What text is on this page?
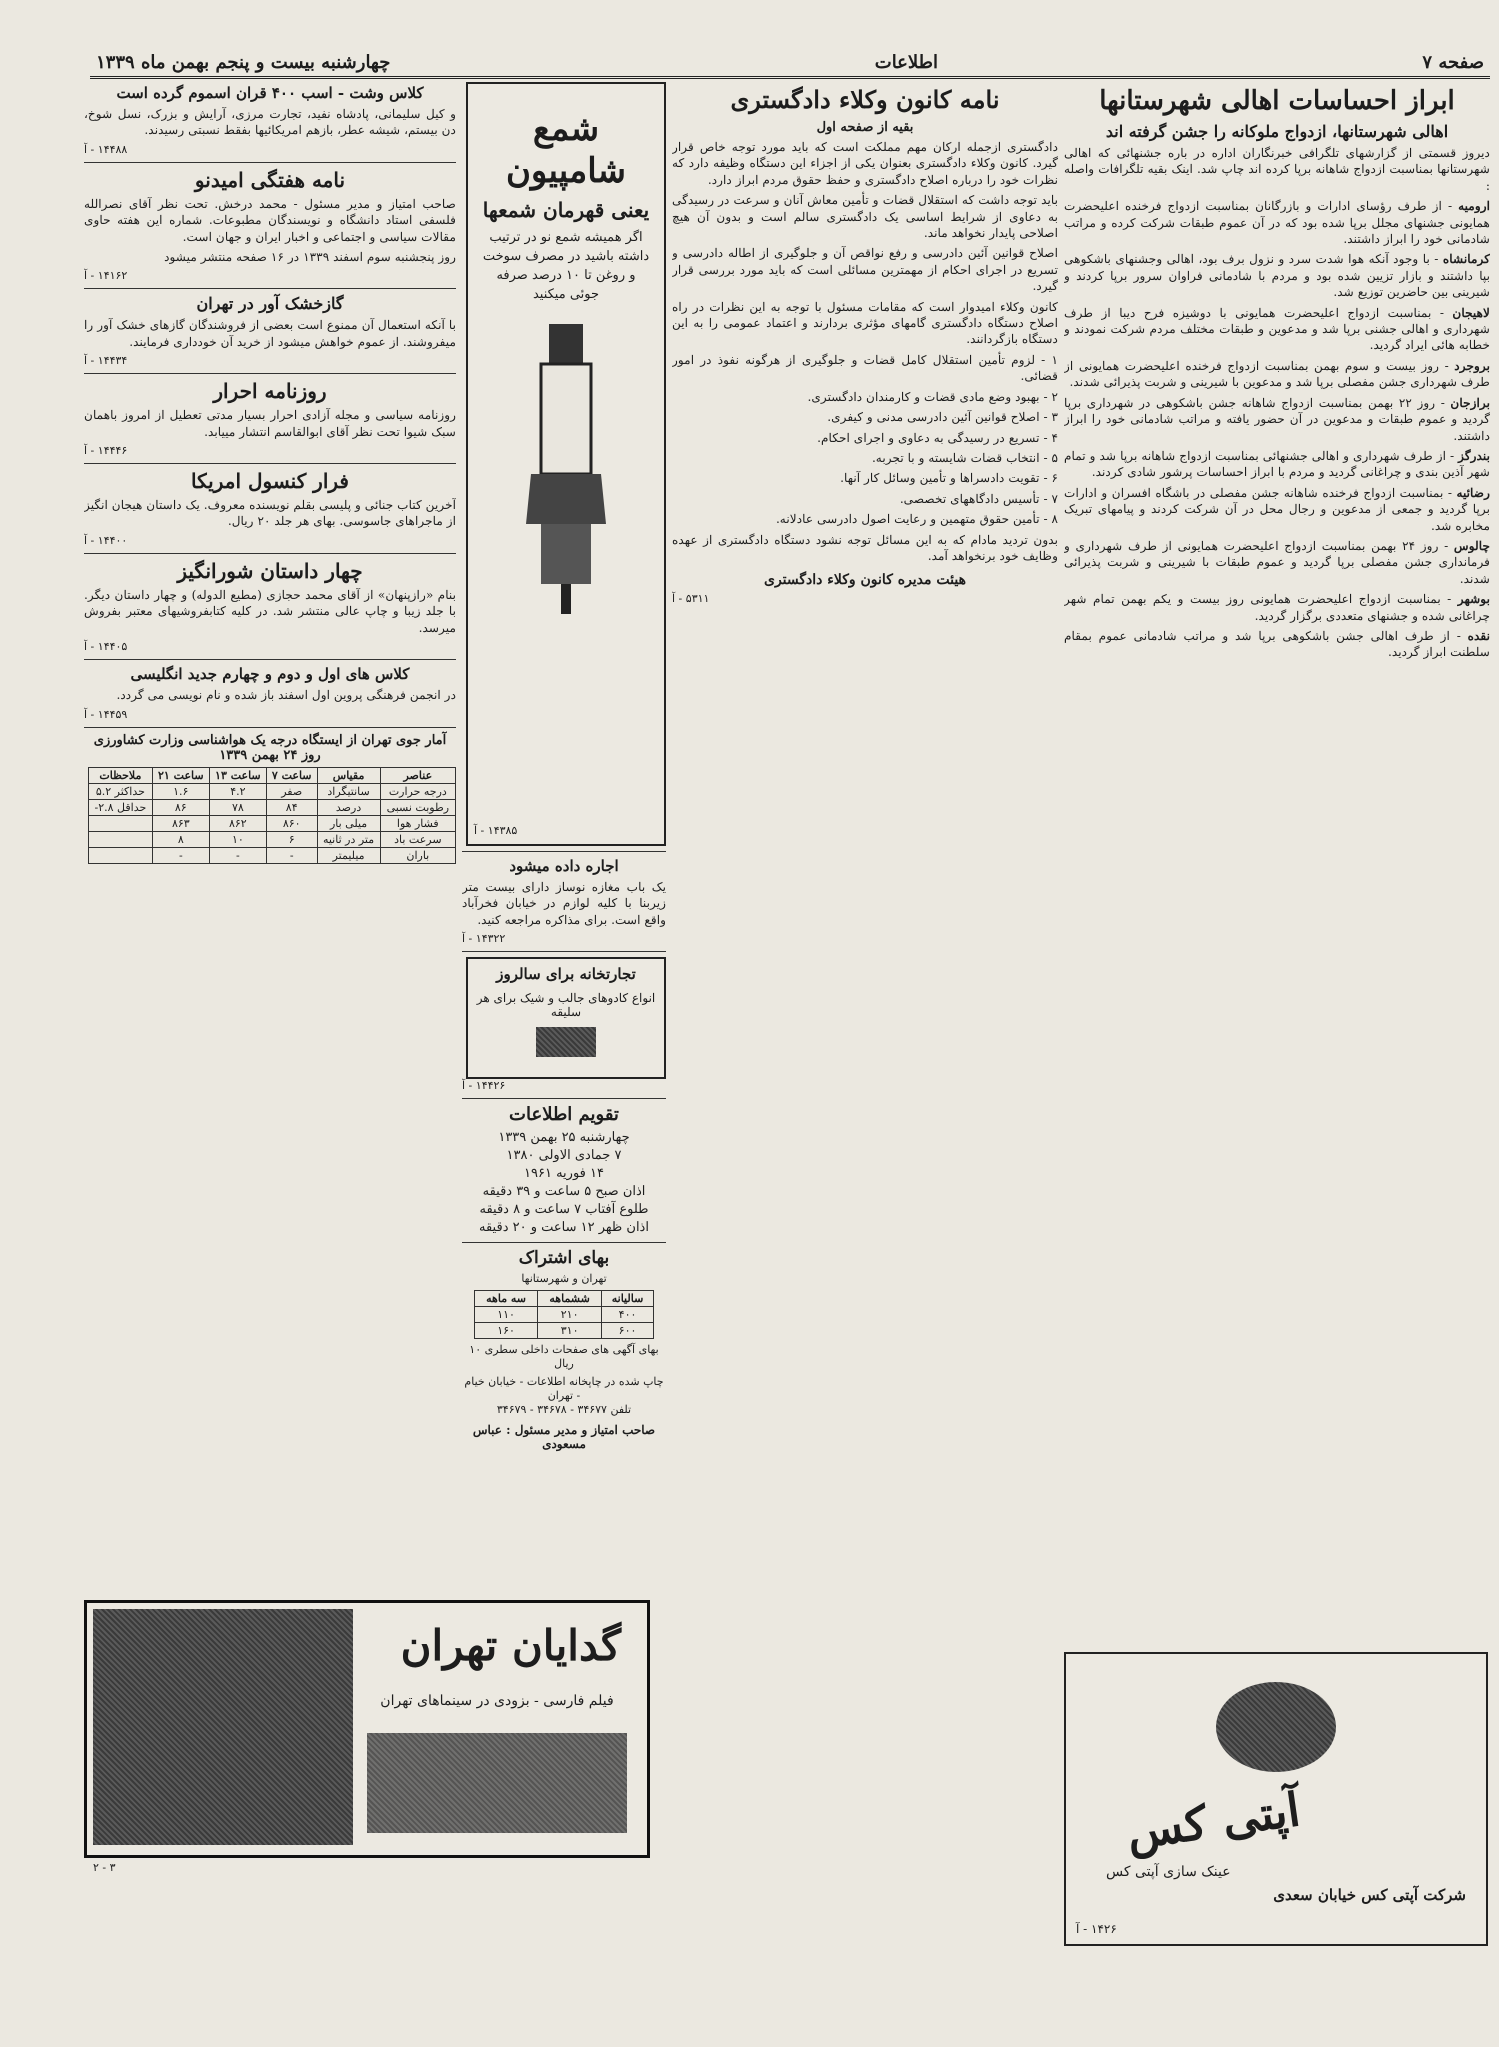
صفحه ۷
اطلاعات
چهارشنبه بیست و پنجم بهمن ماه ۱۳۳۹
ابراز احساسات اهالی شهرستانها
اهالی شهرستانها، ازدواج ملوکانه را جشن گرفته اند

دیروز قسمتی از گزارشهای تلگرافی خبرنگاران اداره در باره جشنهائی که اهالی شهرستانها بمناسبت ازدواج شاهانه برپا کرده اند چاپ شد. اینک بقیه تلگرافات واصله :

ارومیه - از طرف رؤسای ادارات و بازرگانان بمناسبت ازدواج فرخنده اعلیحضرت همایونی جشنهای مجلل برپا شده بود که در آن عموم طبقات شرکت کرده و مراتب شادمانی خود را ابراز داشتند.

کرمانشاه - با وجود آنکه هوا شدت سرد و نزول برف بود، اهالی وجشنهای باشکوهی بپا داشتند و بازار تزیین شده بود و مردم با شادمانی فراوان سرور برپا کردند و شیرینی بین حاضرین توزیع شد.

لاهیجان - بمناسبت ازدواج اعلیحضرت همایونی با دوشیزه فرح دیبا از طرف شهرداری و اهالی جشنی برپا شد و مدعوین و طبقات مختلف مردم شرکت نمودند و خطابه هائی ایراد گردید.

بروجرد - روز بیست و سوم بهمن بمناسبت ازدواج فرخنده اعلیحضرت همایونی از طرف شهرداری جشن مفصلی برپا شد و مدعوین با شیرینی و شربت پذیرائی شدند.

برازجان - روز ۲۲ بهمن بمناسبت ازدواج شاهانه جشن باشکوهی در شهرداری برپا گردید و عموم طبقات و مدعوین در آن حضور یافته و مراتب شادمانی خود را ابراز داشتند.

بندرگز - از طرف شهرداری و اهالی جشنهائی بمناسبت ازدواج شاهانه برپا شد و تمام شهر آذین بندی و چراغانی گردید و مردم با ابراز احساسات پرشور شادی کردند.

رضائیه - بمناسبت ازدواج فرخنده شاهانه جشن مفصلی در باشگاه افسران و ادارات برپا گردید و جمعی از مدعوین و رجال محل در آن شرکت کردند و پیامهای تبریک مخابره شد.

چالوس - روز ۲۴ بهمن بمناسبت ازدواج اعلیحضرت همایونی از طرف شهرداری و فرمانداری جشن مفصلی برپا گردید و عموم طبقات با شیرینی و شربت پذیرائی شدند.

بوشهر - بمناسبت ازدواج اعلیحضرت همایونی روز بیست و یکم بهمن تمام شهر چراغانی شده و جشنهای متعددی برگزار گردید.

نقده - از طرف اهالی جشن باشکوهی برپا شد و مراتب شادمانی عموم بمقام سلطنت ابراز گردید.

آپتی کس
عینک سازی آپتی کس
شرکت آپتی کس خیابان سعدی
۱۴۲۶ - آ
نامه کانون وکلاء دادگستری
بقیه از صفحه اول

دادگستری ازجمله ارکان مهم مملکت است که باید مورد توجه خاص قرار گیرد. کانون وکلاء دادگستری بعنوان یکی از اجزاء این دستگاه وظیفه دارد که نظرات خود را درباره اصلاح دادگستری و حفظ حقوق مردم ابراز دارد.

باید توجه داشت که استقلال قضات و تأمین معاش آنان و سرعت در رسیدگی به دعاوی از شرایط اساسی یک دادگستری سالم است و بدون آن هیچ اصلاحی پایدار نخواهد ماند.

اصلاح قوانین آئین دادرسی و رفع نواقص آن و جلوگیری از اطاله دادرسی و تسریع در اجرای احکام از مهمترین مسائلی است که باید مورد بررسی قرار گیرد.

کانون وکلاء امیدوار است که مقامات مسئول با توجه به این نظرات در راه اصلاح دستگاه دادگستری گامهای مؤثری بردارند و اعتماد عمومی را به این دستگاه بازگردانند.

۱ - لزوم تأمین استقلال کامل قضات و جلوگیری از هرگونه نفوذ در امور قضائی.

۲ - بهبود وضع مادی قضات و کارمندان دادگستری.

۳ - اصلاح قوانین آئین دادرسی مدنی و کیفری.

۴ - تسریع در رسیدگی به دعاوی و اجرای احکام.

۵ - انتخاب قضات شایسته و با تجربه.

۶ - تقویت دادسراها و تأمین وسائل کار آنها.

۷ - تأسیس دادگاههای تخصصی.

۸ - تأمین حقوق متهمین و رعایت اصول دادرسی عادلانه.

بدون تردید مادام که به این مسائل توجه نشود دستگاه دادگستری از عهده وظایف خود برنخواهد آمد.

هیئت مدیره کانون وکلاء دادگستری
۵۳۱۱ - آ
شمع شامپیون
یعنی قهرمان شمعها
اگر همیشه شمع نو در ترتیب داشته باشید در مصرف سوخت و روغن تا ۱۰ درصد صرفه جوئی میکنید
۱۴۳۸۵ - آ
اجاره داده میشود

یک باب مغازه نوساز دارای بیست متر زیربنا با کلیه لوازم در خیابان فخرآباد واقع است. برای مذاکره مراجعه کنید.

۱۴۳۲۲ - آ
تجارتخانه برای سالروز
انواع کادوهای جالب و شیک برای هر سلیقه
۱۴۴۲۶ - آ
تقویم اطلاعات
چهارشنبه ۲۵ بهمن ۱۳۳۹
۷ جمادی الاولی ۱۳۸۰
۱۴ فوریه ۱۹۶۱
اذان صبح ۵ ساعت و ۳۹ دقیقه
طلوع آفتاب ۷ ساعت و ۸ دقیقه
اذان ظهر ۱۲ ساعت و ۲۰ دقیقه
بهای اشتراک
تهران و شهرستانها
سالیانه	ششماهه	سه ماهه
۴۰۰	۲۱۰	۱۱۰
۶۰۰	۳۱۰	۱۶۰
بهای آگهی های صفحات داخلی سطری ۱۰ ریال
چاپ شده در چاپخانه اطلاعات - خیابان خیام - تهران
تلفن ۳۴۶۷۷ - ۳۴۶۷۸ - ۳۴۶۷۹
صاحب امتیاز و مدیر مسئول : عباس مسعودی
کلاس وشت - اسب ۴۰۰ قران اسموم گرده است

و کیل سلیمانی، پادشاه نفید، تجارت مرزی، آرایش و بزرک، نسل شوخ، دن بیستم، شیشه عطر، بازهم امریکائیها بفقط نسبتی رسیدند.

۱۴۴۸۸ - آ
نامه هفتگی امیدنو

صاحب امتیاز و مدیر مسئول - محمد درخش. تحت نظر آقای نصرالله فلسفی استاد دانشگاه و نویسندگان مطبوعات. شماره این هفته حاوی مقالات سیاسی و اجتماعی و اخبار ایران و جهان است.

روز پنجشنبه سوم اسفند ۱۳۳۹ در ۱۶ صفحه منتشر میشود

۱۴۱۶۲ - آ
گازخشک آور در تهران

با آنکه استعمال آن ممنوع است بعضی از فروشندگان گازهای خشک آور را میفروشند. از عموم خواهش میشود از خرید آن خودداری فرمایند.

۱۴۴۳۴ - آ
روزنامه احرار

روزنامه سیاسی و مجله آزادی احرار بسیار مدتی تعطیل از امروز باهمان سبک شیوا تحت نظر آقای ابوالقاسم انتشار مییابد.

۱۴۴۴۶ - آ
فرار کنسول امریکا

آخرین کتاب جنائی و پلیسی بقلم نویسنده معروف. یک داستان هیجان انگیز از ماجراهای جاسوسی. بهای هر جلد ۲۰ ریال.

۱۴۴۰۰ - آ
چهار داستان شورانگیز

بنام «رازپنهان» از آقای محمد حجازی (مطیع الدوله) و چهار داستان دیگر. با جلد زیبا و چاپ عالی منتشر شد. در کلیه کتابفروشیهای معتبر بفروش میرسد.

۱۴۴۰۵ - آ
کلاس های اول و دوم و چهارم جدید انگلیسی

در انجمن فرهنگی پروین اول اسفند باز شده و نام نویسی می گردد.

۱۴۴۵۹ - آ
آمار جوی تهران از ایستگاه درجه یک هواشناسی وزارت کشاورزی روز ۲۴ بهمن ۱۳۳۹
عناصر	مقیاس	ساعت ۷	ساعت ۱۳	ساعت ۲۱	ملاحظات
درجه حرارت	سانتیگراد	صفر	۴.۲	۱.۶	حداکثر ۵.۲
رطوبت نسبی	درصد	۸۴	۷۸	۸۶	حداقل ۲.۸-
فشار هوا	میلی بار	۸۶۰	۸۶۲	۸۶۳	
سرعت باد	متر در ثانیه	۶	۱۰	۸	
باران	میلیمتر	-	-	-	
گدایان تهران
فیلم فارسی - بزودی در سینماهای تهران
۳ - ۲
